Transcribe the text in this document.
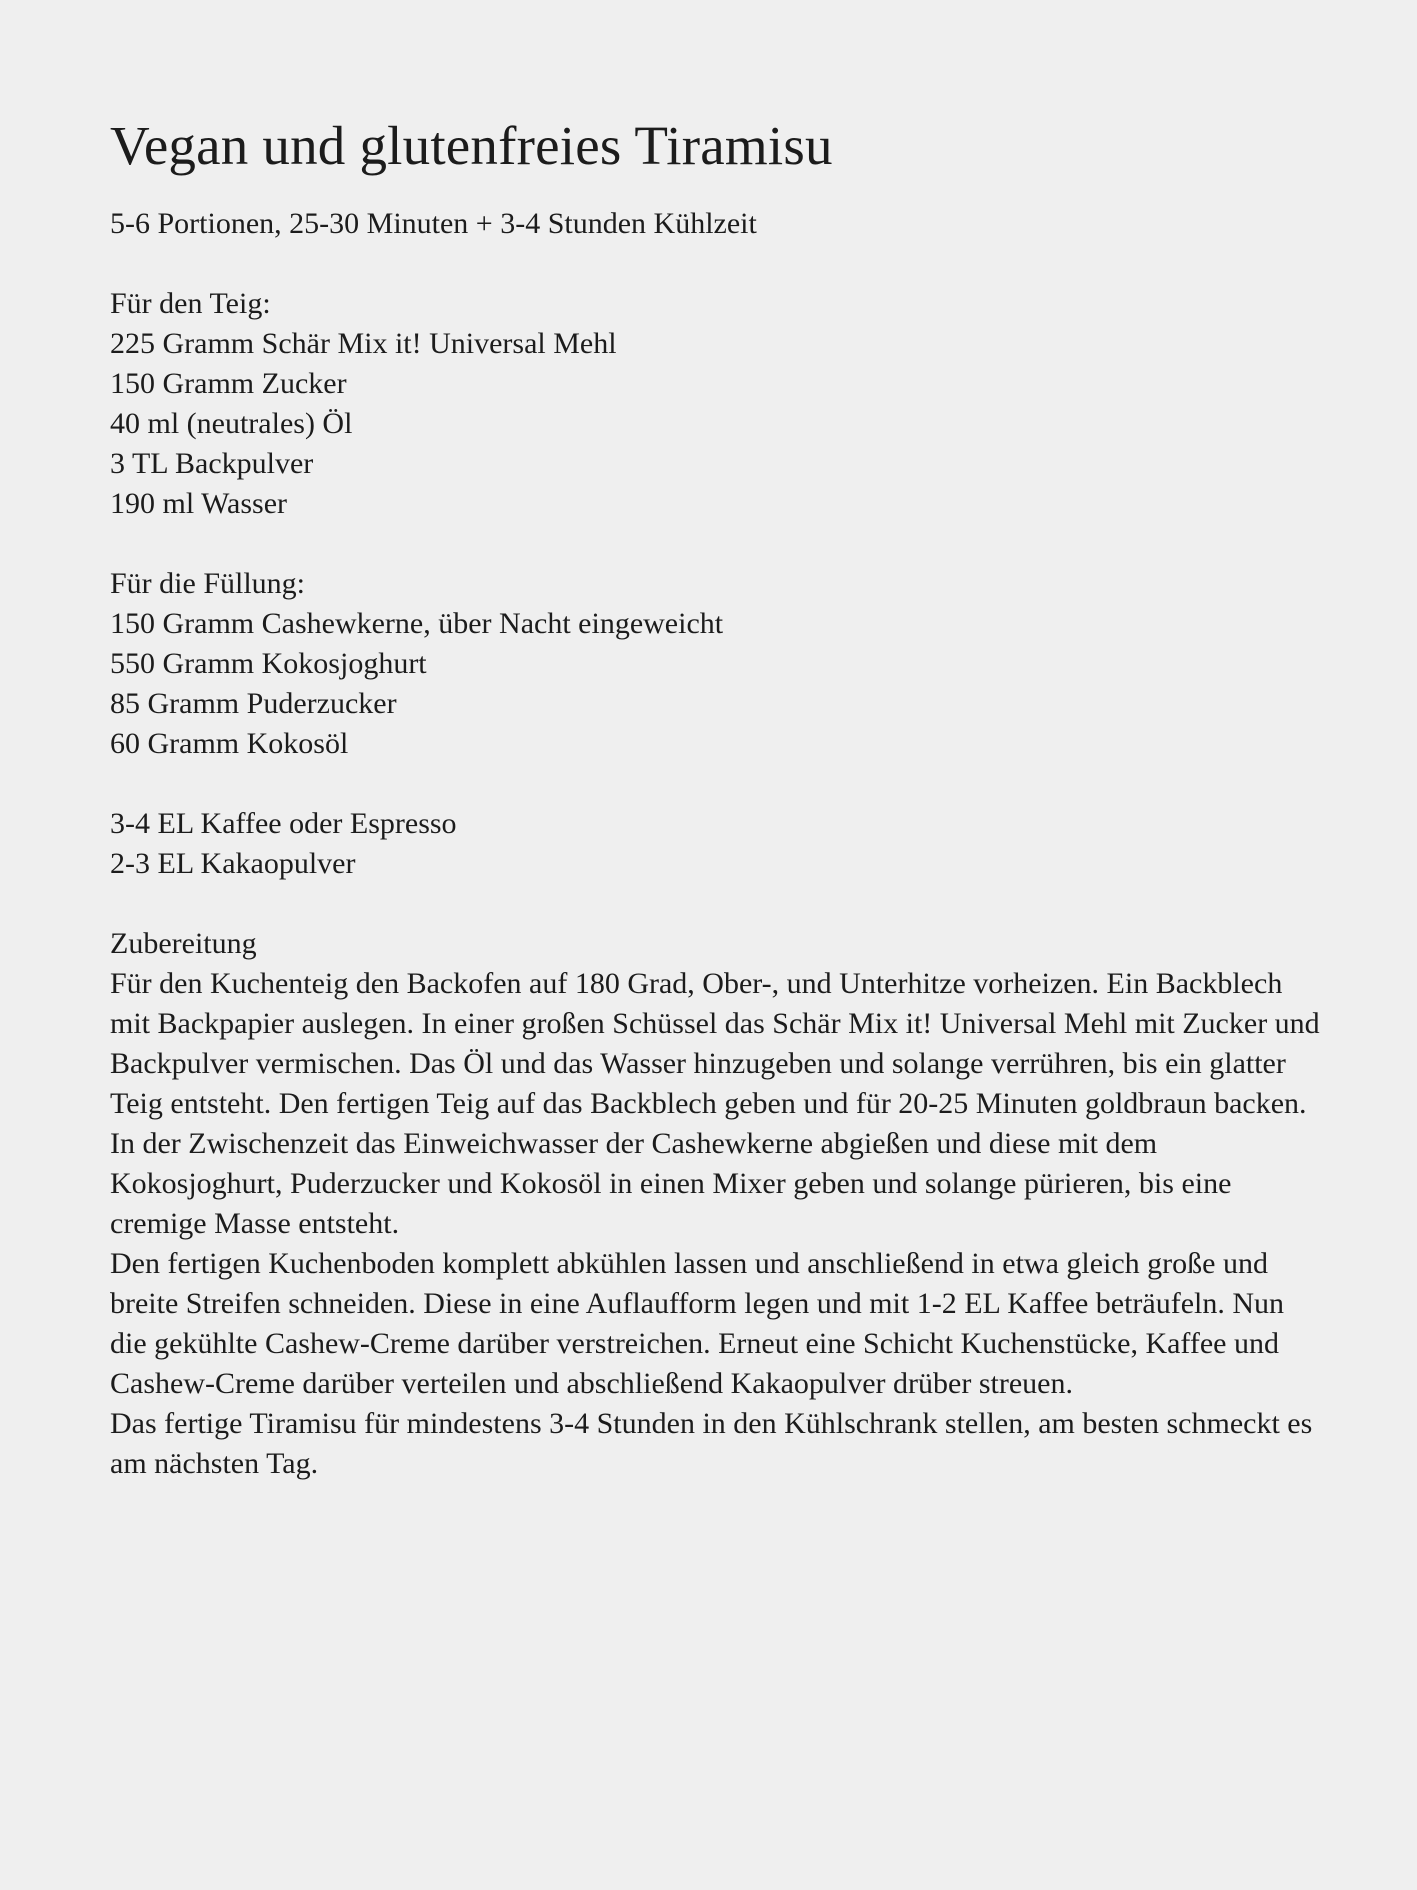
Vegan und glutenfreies Tiramisu

5-6 Portionen, 25-30 Minuten + 3-4 Stunden Kühlzeit

Für den Teig:

225 Gramm Schär Mix it! Universal Mehl

150 Gramm Zucker

40 ml (neutrales) Öl

3 TL Backpulver

190 ml Wasser

Für die Füllung:

150 Gramm Cashewkerne, über Nacht eingeweicht

550 Gramm Kokosjoghurt

85 Gramm Puderzucker

60 Gramm Kokosöl

3-4 EL Kaffee oder Espresso

2-3 EL Kakaopulver

Zubereitung

Für den Kuchenteig den Backofen auf 180 Grad, Ober-, und Unterhitze vorheizen. Ein Backblech mit Backpapier auslegen. In einer großen Schüssel das Schär Mix it! Universal Mehl mit Zucker und Backpulver vermischen. Das Öl und das Wasser hinzugeben und solange verrühren, bis ein glatter Teig entsteht. Den fertigen Teig auf das Backblech geben und für 20-25 Minuten goldbraun backen.

In der Zwischenzeit das Einweichwasser der Cashewkerne abgießen und diese mit dem Kokosjoghurt, Puderzucker und Kokosöl in einen Mixer geben und solange pürieren, bis eine cremige Masse entsteht.

Den fertigen Kuchenboden komplett abkühlen lassen und anschließend in etwa gleich große und breite Streifen schneiden. Diese in eine Auflaufform legen und mit 1-2 EL Kaffee beträufeln. Nun die gekühlte Cashew-Creme darüber verstreichen. Erneut eine Schicht Kuchenstücke, Kaffee und Cashew-Creme darüber verteilen und abschließend Kakaopulver drüber streuen.

Das fertige Tiramisu für mindestens 3-4 Stunden in den Kühlschrank stellen, am besten schmeckt es am nächsten Tag.
